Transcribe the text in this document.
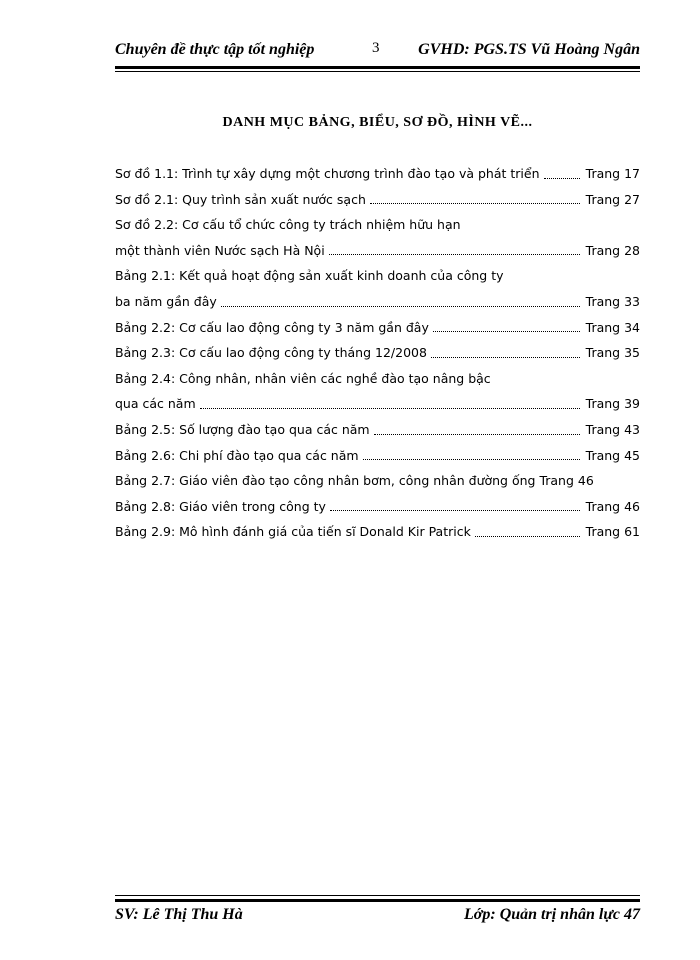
Chuyên đề thực tập tốt nghiệp	3 GVHD: PGS.TS Vũ Hoàng Ngân
DANH MỤC BẢNG, BIỂU, SƠ ĐỒ, HÌNH VẼ...
Sơ đồ 1.1: Trình tự xây dựng một chương trình đào tạo và phát triển	Trang 17
Sơ đồ 2.1: Quy trình sản xuất nước sạch	Trang 27
Sơ đồ 2.2: Cơ cấu tổ chức công ty trách nhiệm hữu hạn
một thành viên Nước sạch Hà Nội	Trang 28
Bảng 2.1: Kết quả hoạt động sản xuất kinh doanh của công ty
ba năm gần đây	Trang 33
Bảng 2.2: Cơ cấu lao động công ty 3 năm gần đây	Trang 34
Bảng 2.3: Cơ cấu lao động công ty tháng 12/2008	Trang 35
Bảng 2.4: Công nhân, nhân viên các nghề đào tạo nâng bậc
qua các năm	Trang 39
Bảng 2.5: Số lượng đào tạo qua các năm	Trang 43
Bảng 2.6: Chi phí đào tạo qua các năm	Trang 45
Bảng 2.7: Giáo viên đào tạo công nhân bơm, công nhân đường ống Trang 46
Bảng 2.8: Giáo viên trong công ty	Trang 46
Bảng 2.9: Mô hình đánh giá của tiến sĩ Donald Kir Patrick	Trang 61
SV: Lê Thị Thu Hà	Lớp: Quản trị nhân lực 47
